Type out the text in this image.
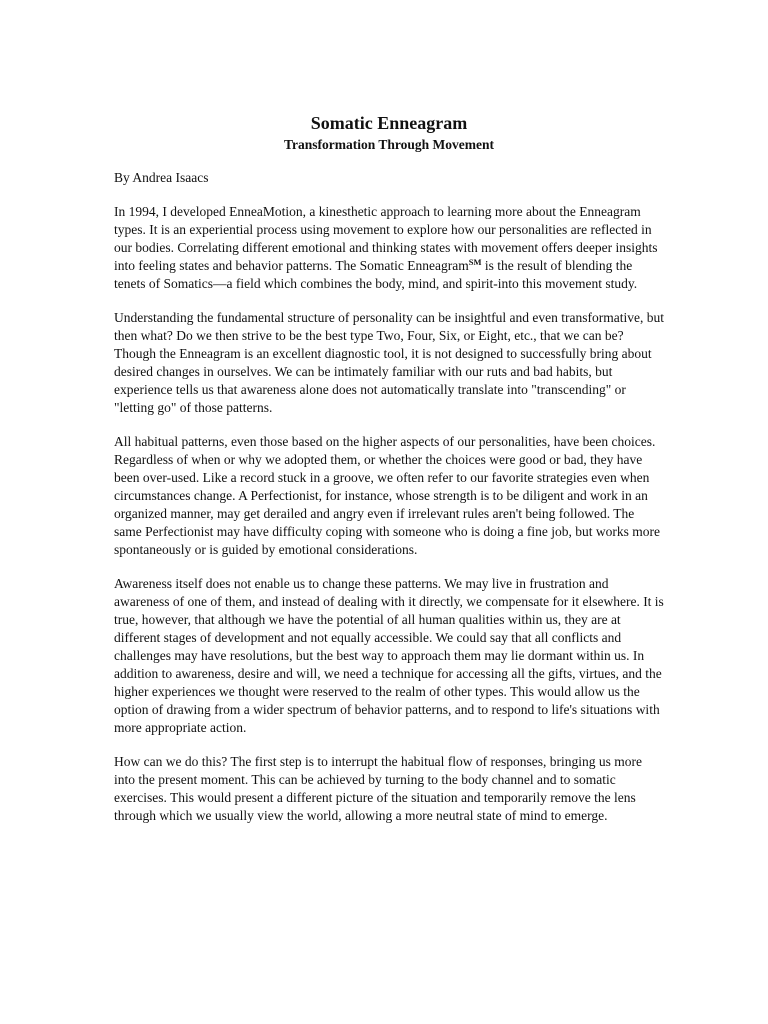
Somatic Enneagram
Transformation Through Movement

By Andrea Isaacs

In 1994, I developed EnneaMotion, a kinesthetic approach to learning more about the Enneagram types. It is an experiential process using movement to explore how our personalities are reflected in our bodies. Correlating different emotional and thinking states with movement offers deeper insights into feeling states and behavior patterns. The Somatic Enneagram℠ is the result of blending the tenets of Somatics—a field which combines the body, mind, and spirit-into this movement study.

Understanding the fundamental structure of personality can be insightful and even transformative, but then what? Do we then strive to be the best type Two, Four, Six, or Eight, etc., that we can be? Though the Enneagram is an excellent diagnostic tool, it is not designed to successfully bring about desired changes in ourselves. We can be intimately familiar with our ruts and bad habits, but experience tells us that awareness alone does not automatically translate into "transcending" or "letting go" of those patterns.

All habitual patterns, even those based on the higher aspects of our personalities, have been choices. Regardless of when or why we adopted them, or whether the choices were good or bad, they have been over-used. Like a record stuck in a groove, we often refer to our favorite strategies even when circumstances change. A Perfectionist, for instance, whose strength is to be diligent and work in an organized manner, may get derailed and angry even if irrelevant rules aren't being followed. The same Perfectionist may have difficulty coping with someone who is doing a fine job, but works more spontaneously or is guided by emotional considerations.

Awareness itself does not enable us to change these patterns. We may live in frustration and awareness of one of them, and instead of dealing with it directly, we compensate for it elsewhere. It is true, however, that although we have the potential of all human qualities within us, they are at different stages of development and not equally accessible. We could say that all conflicts and challenges may have resolutions, but the best way to approach them may lie dormant within us. In addition to awareness, desire and will, we need a technique for accessing all the gifts, virtues, and the higher experiences we thought were reserved to the realm of other types. This would allow us the option of drawing from a wider spectrum of behavior patterns, and to respond to life's situations with more appropriate action.

How can we do this? The first step is to interrupt the habitual flow of responses, bringing us more into the present moment. This can be achieved by turning to the body channel and to somatic exercises. This would present a different picture of the situation and temporarily remove the lens through which we usually view the world, allowing a more neutral state of mind to emerge.
